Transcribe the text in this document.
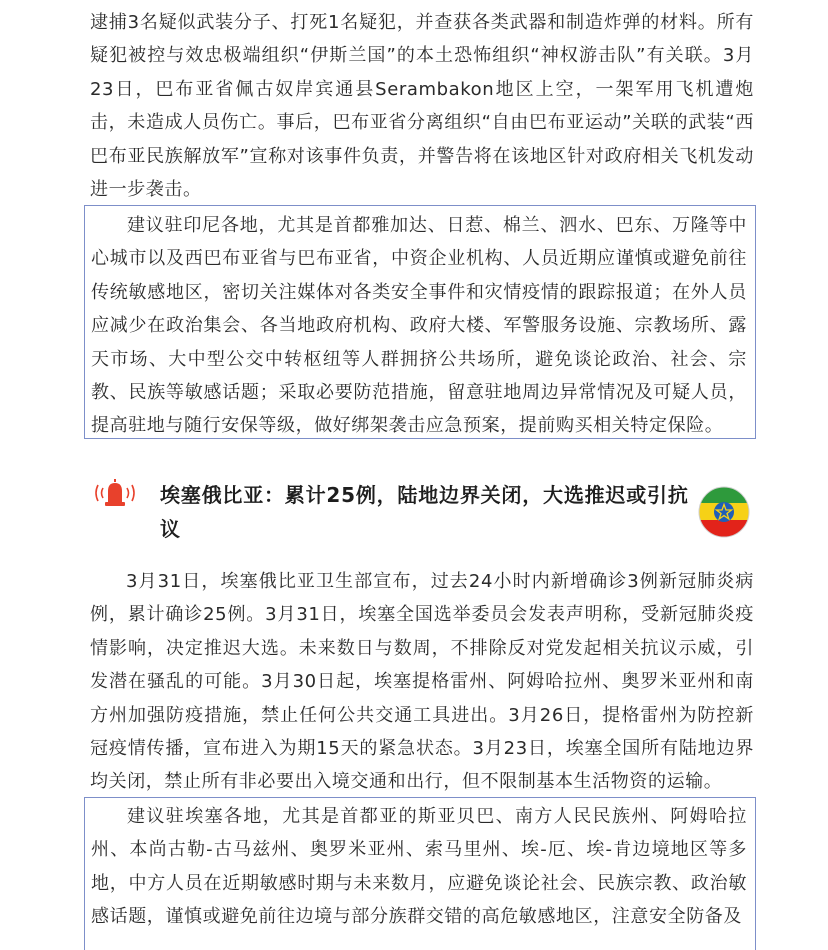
逮捕3名疑似武装分子、打死1名疑犯，并查获各类武器和制造炸弹的材料。所有疑犯被控与效忠极端组织“伊斯兰国”的本土恐怖组织“神权游击队”有关联。3月23日，巴布亚省佩古奴岸宾通县Serambakon地区上空，一架军用飞机遭炮击，未造成人员伤亡。事后，巴布亚省分离组织“自由巴布亚运动”关联的武装“西巴布亚民族解放军”宣称对该事件负责，并警告将在该地区针对政府相关飞机发动进一步袭击。

建议驻印尼各地，尤其是首都雅加达、日惹、棉兰、泗水、巴东、万隆等中心城市以及西巴布亚省与巴布亚省，中资企业机构、人员近期应谨慎或避免前往传统敏感地区，密切关注媒体对各类安全事件和灾情疫情的跟踪报道；在外人员应减少在政治集会、各当地政府机构、政府大楼、军警服务设施、宗教场所、露天市场、大中型公交中转枢纽等人群拥挤公共场所，避免谈论政治、社会、宗教、民族等敏感话题；采取必要防范措施，留意驻地周边异常情况及可疑人员，提高驻地与随行安保等级，做好绑架袭击应急预案，提前购买相关特定保险。

埃塞俄比亚：累计25例，陆地边界关闭，大选推迟或引抗议

3月31日，埃塞俄比亚卫生部宣布，过去24小时内新增确诊3例新冠肺炎病例，累计确诊25例。3月31日，埃塞全国选举委员会发表声明称，受新冠肺炎疫情影响，决定推迟大选。未来数日与数周，不排除反对党发起相关抗议示威，引发潜在骚乱的可能。3月30日起，埃塞提格雷州、阿姆哈拉州、奥罗米亚州和南方州加强防疫措施，禁止任何公共交通工具进出。3月26日，提格雷州为防控新冠疫情传播，宣布进入为期15天的紧急状态。3月23日，埃塞全国所有陆地边界均关闭，禁止所有非必要出入境交通和出行，但不限制基本生活物资的运输。

建议驻埃塞各地，尤其是首都亚的斯亚贝巴、南方人民民族州、阿姆哈拉州、本尚古勒-古马兹州、奥罗米亚州、索马里州、埃-厄、埃-肯边境地区等多地，中方人员在近期敏感时期与未来数月，应避免谈论社会、民族宗教、政治敏感话题，谨慎或避免前往边境与部分族群交错的高危敏感地区，注意安全防备及
